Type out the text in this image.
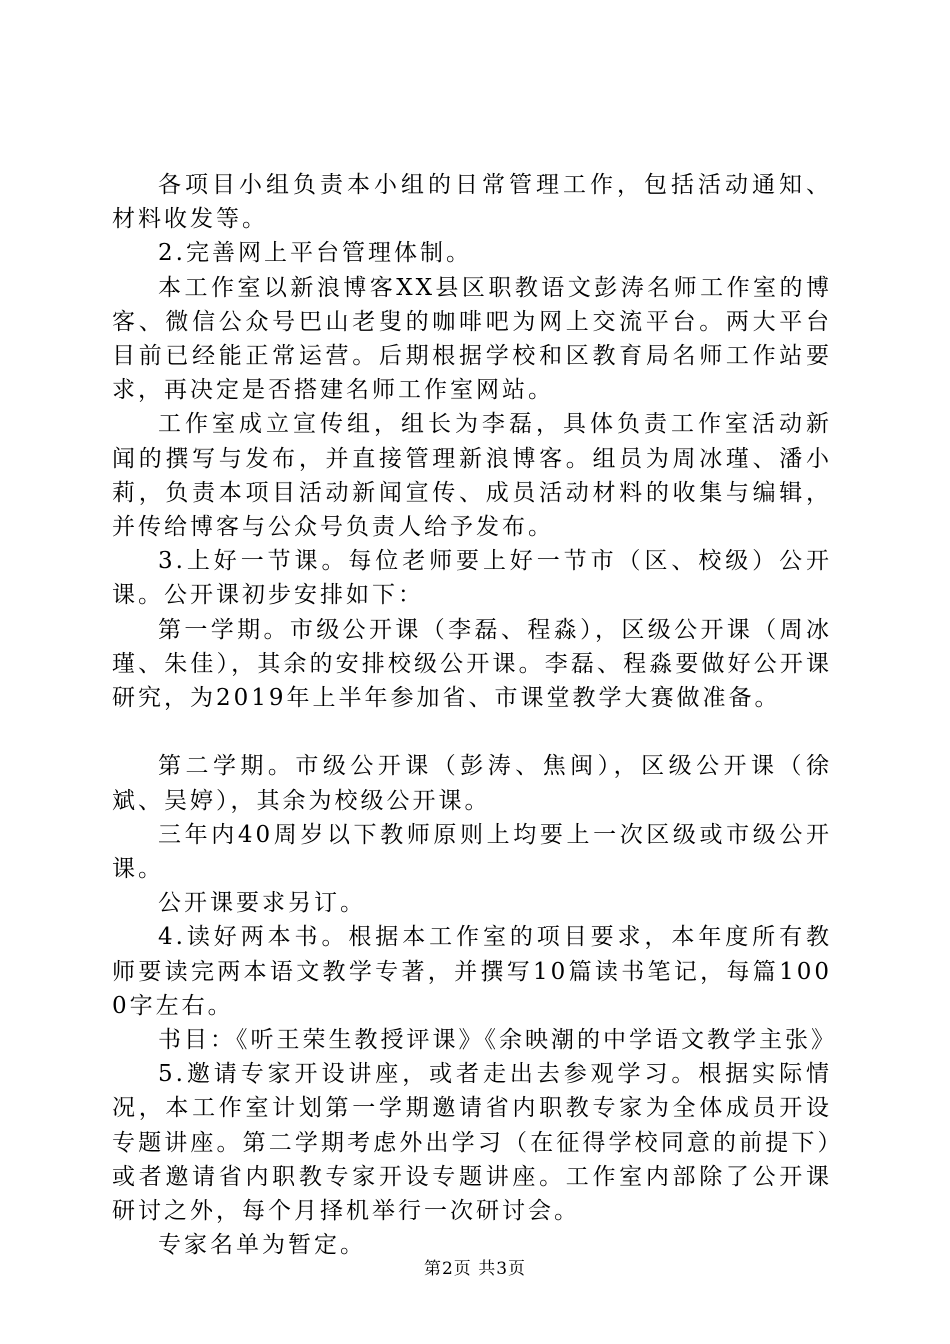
各项目小组负责本小组的日常管理工作，包括活动通知、材料收发等。

2.完善网上平台管理体制。

本工作室以新浪博客XX县区职教语文彭涛名师工作室的博客、微信公众号巴山老叟的咖啡吧为网上交流平台。两大平台目前已经能正常运营。后期根据学校和区教育局名师工作站要求，再决定是否搭建名师工作室网站。

工作室成立宣传组，组长为李磊，具体负责工作室活动新闻的撰写与发布，并直接管理新浪博客。组员为周冰瑾、潘小莉，负责本项目活动新闻宣传、成员活动材料的收集与编辑，并传给博客与公众号负责人给予发布。

3.上好一节课。每位老师要上好一节市（区、校级）公开课。公开课初步安排如下：

第一学期。市级公开课（李磊、程淼），区级公开课（周冰瑾、朱佳），其余的安排校级公开课。李磊、程淼要做好公开课研究，为2019年上半年参加省、市课堂教学大赛做准备。

第二学期。市级公开课（彭涛、焦闽），区级公开课（徐斌、吴婷），其余为校级公开课。

三年内40周岁以下教师原则上均要上一次区级或市级公开课。

公开课要求另订。

4.读好两本书。根据本工作室的项目要求，本年度所有教师要读完两本语文教学专著，并撰写10篇读书笔记，每篇1000字左右。

书目：《听王荣生教授评课》《余映潮的中学语文教学主张》

5.邀请专家开设讲座，或者走出去参观学习。根据实际情况，本工作室计划第一学期邀请省内职教专家为全体成员开设专题讲座。第二学期考虑外出学习（在征得学校同意的前提下）或者邀请省内职教专家开设专题讲座。工作室内部除了公开课研讨之外，每个月择机举行一次研讨会。

专家名单为暂定。

第2页 共3页
